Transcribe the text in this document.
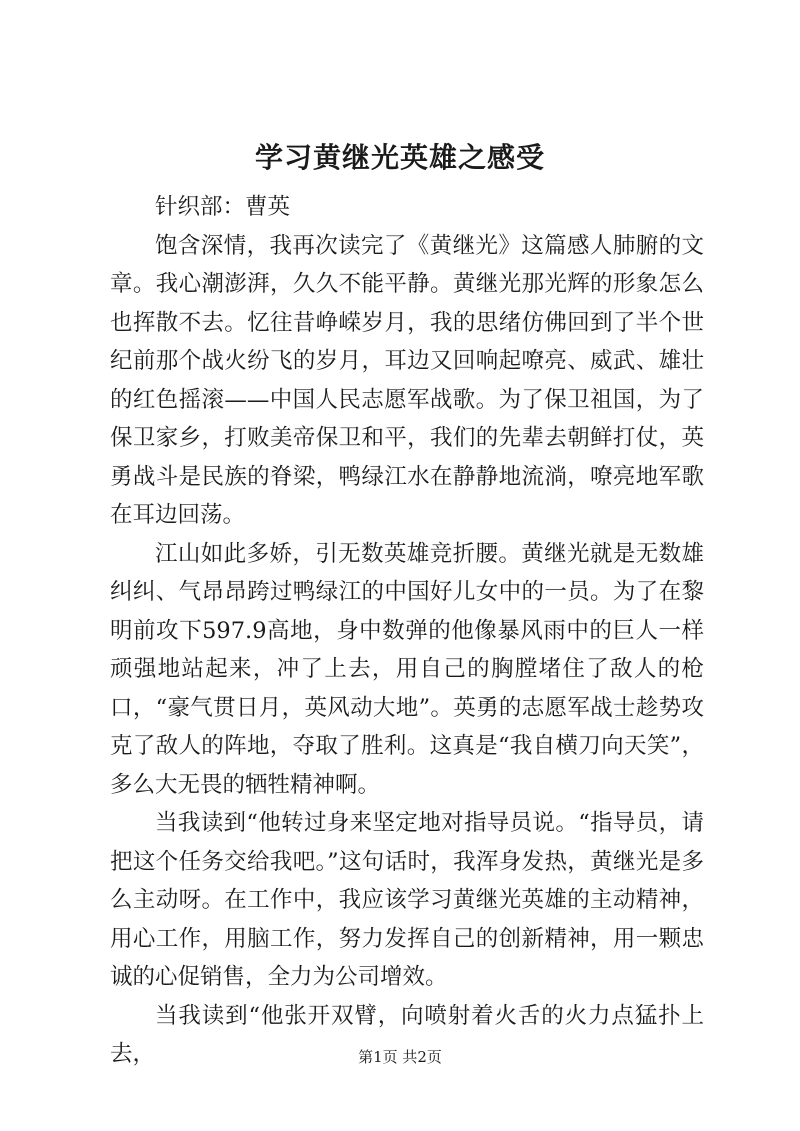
学习黄继光英雄之感受

针织部：曹英

饱含深情，我再次读完了《黄继光》这篇感人肺腑的文章。我心潮澎湃，久久不能平静。黄继光那光辉的形象怎么也挥散不去。忆往昔峥嵘岁月，我的思绪仿佛回到了半个世纪前那个战火纷飞的岁月，耳边又回响起嘹亮、威武、雄壮的红色摇滚——中国人民志愿军战歌。为了保卫祖国，为了保卫家乡，打败美帝保卫和平，我们的先辈去朝鲜打仗，英勇战斗是民族的脊梁，鸭绿江水在静静地流淌，嘹亮地军歌在耳边回荡。

江山如此多娇，引无数英雄竞折腰。黄继光就是无数雄纠纠、气昂昂跨过鸭绿江的中国好儿女中的一员。为了在黎明前攻下597.9高地，身中数弹的他像暴风雨中的巨人一样顽强地站起来，冲了上去，用自己的胸膛堵住了敌人的枪口，“豪气贯日月，英风动大地”。英勇的志愿军战士趁势攻克了敌人的阵地，夺取了胜利。这真是“我自横刀向天笑”，多么大无畏的牺牲精神啊。

当我读到“他转过身来坚定地对指导员说。“指导员，请把这个任务交给我吧。”这句话时，我浑身发热，黄继光是多么主动呀。在工作中，我应该学习黄继光英雄的主动精神，用心工作，用脑工作，努力发挥自己的创新精神，用一颗忠诚的心促销售，全力为公司增效。

当我读到“他张开双臂，向喷射着火舌的火力点猛扑上去，	第1页 共2页
